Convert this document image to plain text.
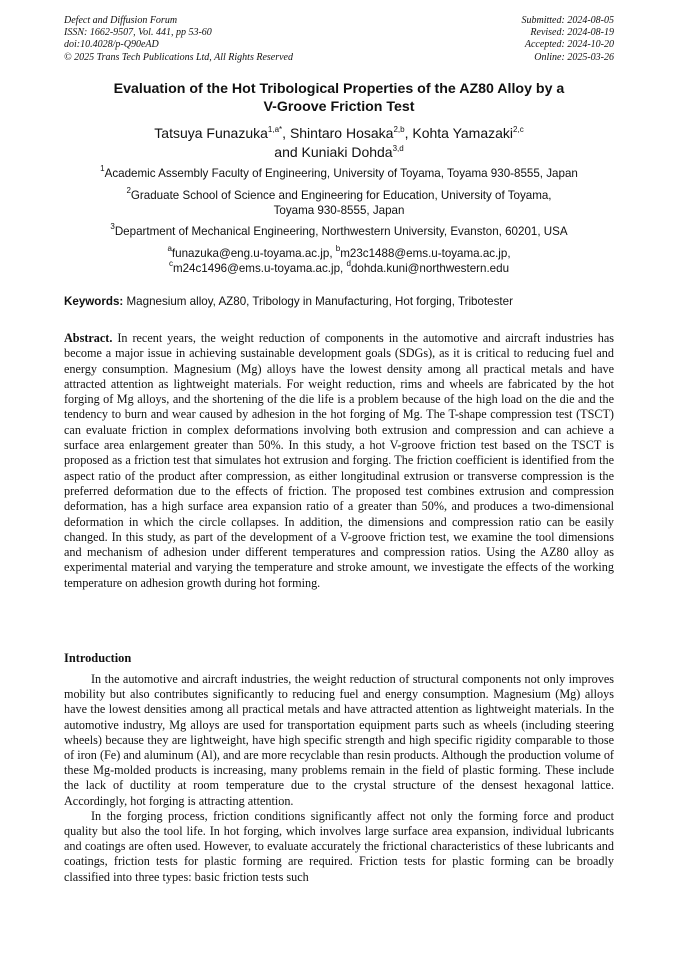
Defect and Diffusion Forum
ISSN: 1662-9507, Vol. 441, pp 53-60
doi:10.4028/p-Q90eAD
© 2025 Trans Tech Publications Ltd, All Rights Reserved
Submitted: 2024-08-05
Revised: 2024-08-19
Accepted: 2024-10-20
Online: 2025-03-26
Evaluation of the Hot Tribological Properties of the AZ80 Alloy by a
V-Groove Friction Test
Tatsuya Funazuka$^{1,a*}$, Shintaro Hosaka$^{2,b}$, Kohta Yamazaki$^{2,c}$
and Kuniaki Dohda$^{3,d}$
$^1$Academic Assembly Faculty of Engineering, University of Toyama, Toyama 930-8555, Japan
$^2$Graduate School of Science and Engineering for Education, University of Toyama,
Toyama 930-8555, Japan
$^3$Department of Mechanical Engineering, Northwestern University, Evanston, 60201, USA
$^a$funazuka@eng.u-toyama.ac.jp, $^b$m23c1488@ems.u-toyama.ac.jp,
$^c$m24c1496@ems.u-toyama.ac.jp, $^d$dohda.kuni@northwestern.edu
Keywords: Magnesium alloy, AZ80, Tribology in Manufacturing, Hot forging, Tribotester
Abstract. In recent years, the weight reduction of components in the automotive and aircraft industries has become a major issue in achieving sustainable development goals (SDGs), as it is critical to reducing fuel and energy consumption. Magnesium (Mg) alloys have the lowest density among all practical metals and have attracted attention as lightweight materials. For weight reduction, rims and wheels are fabricated by the hot forging of Mg alloys, and the shortening of the die life is a problem because of the high load on the die and the tendency to burn and wear caused by adhesion in the hot forging of Mg. The T-shape compression test (TSCT) can evaluate friction in complex deformations involving both extrusion and compression and can achieve a surface area enlargement greater than 50%. In this study, a hot V-groove friction test based on the TSCT is proposed as a friction test that simulates hot extrusion and forging. The friction coefficient is identified from the aspect ratio of the product after compression, as either longitudinal extrusion or transverse compression is the preferred deformation due to the effects of friction. The proposed test combines extrusion and compression deformation, has a high surface area expansion ratio of a greater than 50%, and produces a two-dimensional deformation in which the circle collapses. In addition, the dimensions and compression ratio can be easily changed. In this study, as part of the development of a V-groove friction test, we examine the tool dimensions and mechanism of adhesion under different temperatures and compression ratios. Using the AZ80 alloy as experimental material and varying the temperature and stroke amount, we investigate the effects of the working temperature on adhesion growth during hot forming.
Introduction

In the automotive and aircraft industries, the weight reduction of structural components not only improves mobility but also contributes significantly to reducing fuel and energy consumption. Magnesium (Mg) alloys have the lowest densities among all practical metals and have attracted attention as lightweight materials. In the automotive industry, Mg alloys are used for transportation equipment parts such as wheels (including steering wheels) because they are lightweight, have high specific strength and high specific rigidity comparable to those of iron (Fe) and aluminum (Al), and are more recyclable than resin products. Although the production volume of these Mg-molded products is increasing, many problems remain in the field of plastic forming. These include the lack of ductility at room temperature due to the crystal structure of the densest hexagonal lattice. Accordingly, hot forging is attracting attention.

In the forging process, friction conditions significantly affect not only the forming force and product quality but also the tool life. In hot forging, which involves large surface area expansion, individual lubricants and coatings are often used. However, to evaluate accurately the frictional characteristics of these lubricants and coatings, friction tests for plastic forming are required. Friction tests for plastic forming can be broadly classified into three types: basic friction tests such
